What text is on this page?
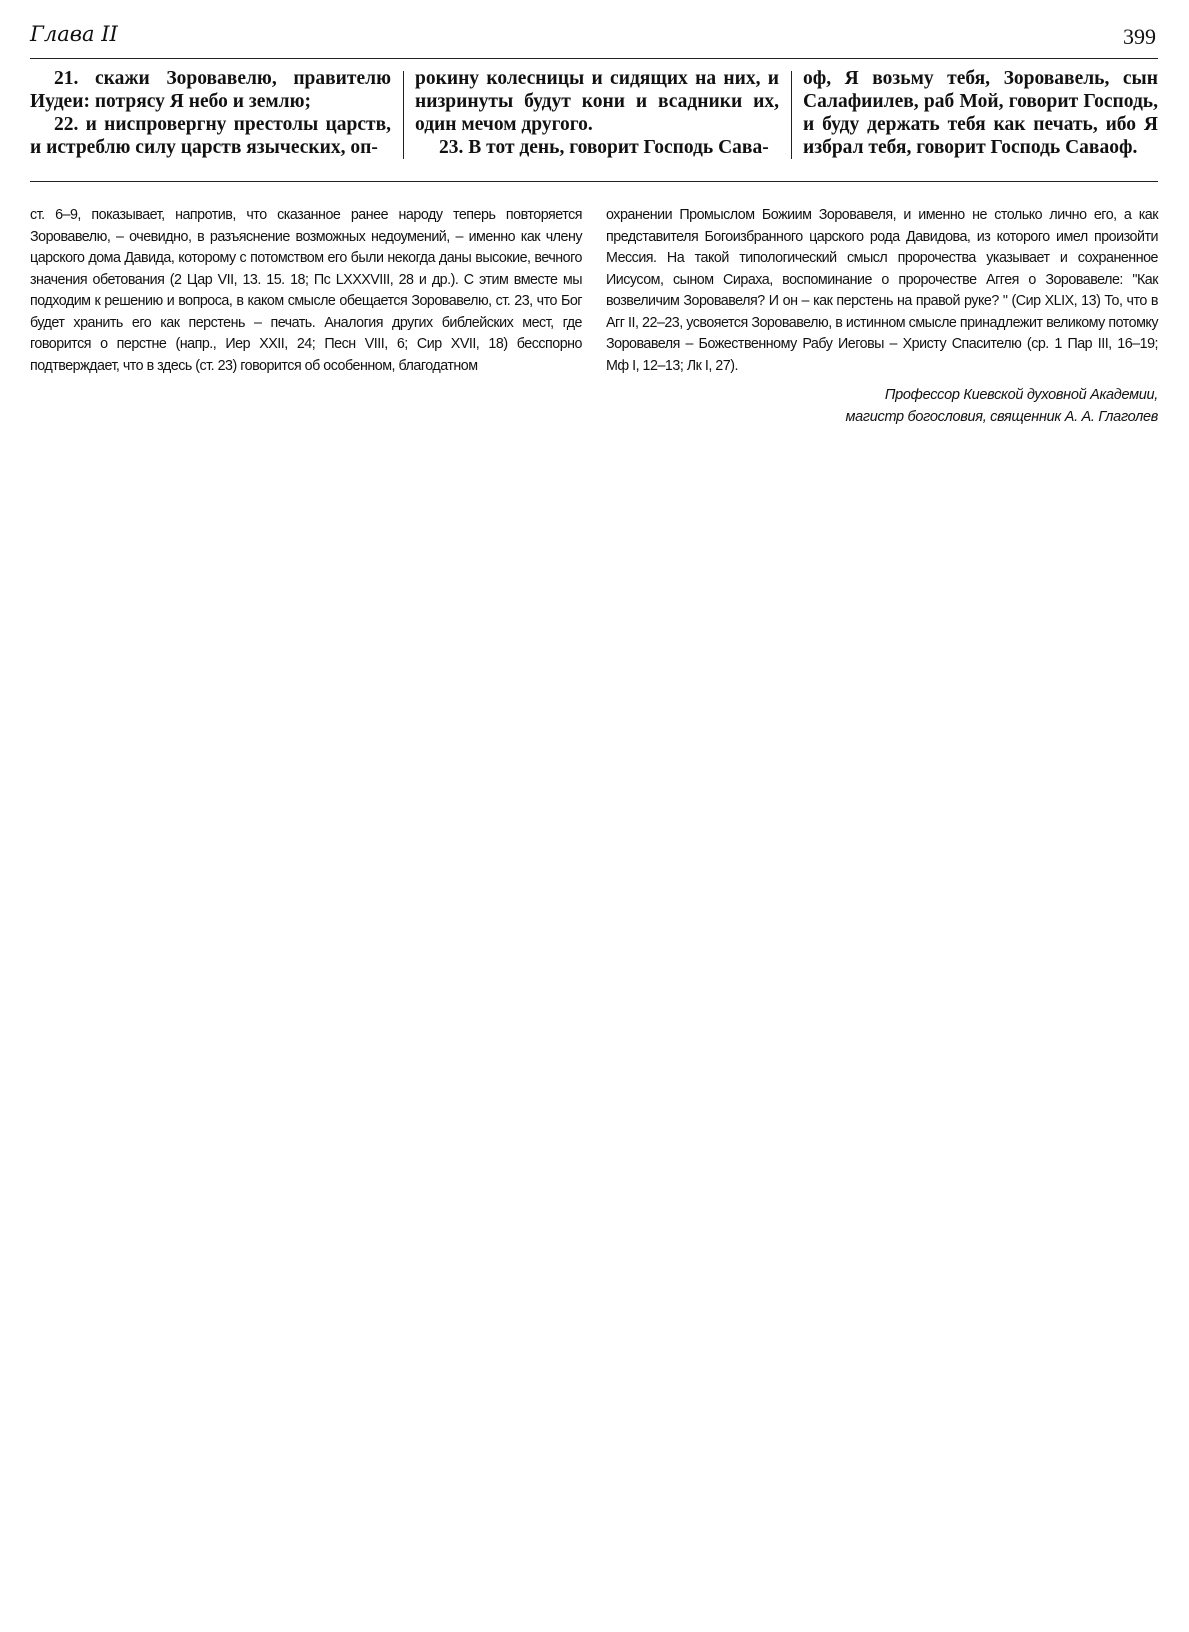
Глава II	399

21. скажи Зоровавелю, правителю Иудеи: потрясу Я небо и землю;

22. и ниспровергну престолы царств, и истреблю силу царств языческих, оп-

рокину колесницы и сидящих на них, и низринуты будут кони и всадники их, один мечом другого.

23. В тот день, говорит Господь Сава-

оф, Я возьму тебя, Зоровавель, сын Салафиилев, раб Мой, говорит Господь, и буду держать тебя как печать, ибо Я избрал тебя, говорит Господь Саваоф.

ст. 6–9, показывает, напротив, что сказанное ранее народу теперь повторяется Зоровавелю, – очевидно, в разъяснение возможных недоумений, – именно как члену царского дома Давида, которому с потомством его были некогда даны высокие, вечного значения обетования (2 Цар VII, 13. 15. 18; Пс LXXXVIII, 28 и др.). С этим вместе мы подходим к решению и вопроса, в каком смысле обещается Зоровавелю, ст. 23, что Бог будет хранить его как перстень – печать. Аналогия других библейских мест, где говорится о перстне (напр., Иер XXII, 24; Песн VIII, 6; Сир XVII, 18) бесспорно подтверждает, что в здесь (ст. 23) говорится об особенном, благодатном

охранении Промыслом Божиим Зоровавеля, и именно не столько лично его, а как представителя Богоизбранного царского рода Давидова, из которого имел произойти Мессия. На такой типологический смысл пророчества указывает и сохраненное Иисусом, сыном Сираха, воспоминание о пророчестве Аггея о Зоровавеле: "Как возвеличим Зоровавеля? И он – как перстень на правой руке? " (Сир XLIX, 13) То, что в Агг II, 22–23, усвояется Зоровавелю, в истинном смысле принадлежит великому потомку Зоровавеля – Божественному Рабу Иеговы – Христу Спасителю (ср. 1 Пар III, 16–19; Мф I, 12–13; Лк I, 27).

Профессор Киевской духовной Академии,
магистр богословия, священник А. А. Глаголев
